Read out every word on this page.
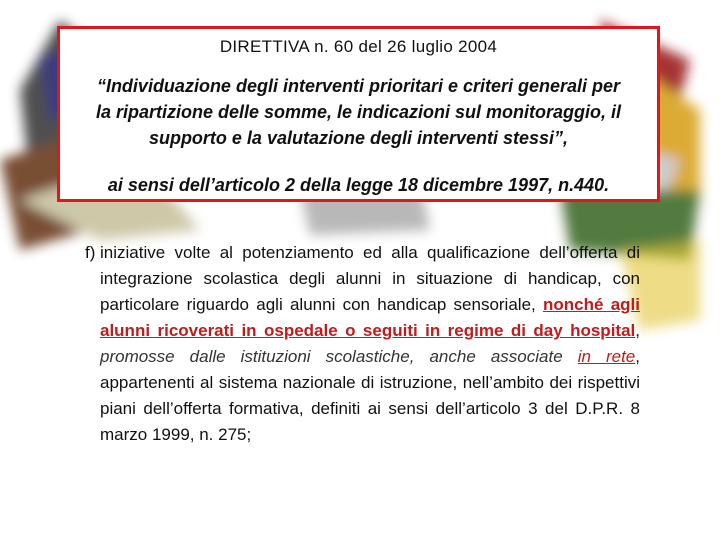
DIRETTIVA n. 60 del 26 luglio 2004
“Individuazione degli interventi prioritari e criteri generali per
la ripartizione delle somme, le indicazioni sul monitoraggio, il
supporto e la valutazione degli interventi stessi”,
ai sensi dell’articolo 2 della legge 18 dicembre 1997, n.440.
f) iniziative volte al potenziamento ed alla qualificazione dell’offerta di integrazione scolastica degli alunni in situazione di handicap, con particolare riguardo agli alunni con handicap sensoriale, nonché agli alunni ricoverati in ospedale o seguiti in regime di day hospital, promosse dalle istituzioni scolastiche, anche associate in rete, appartenenti al sistema nazionale di istruzione, nell’ambito dei rispettivi piani dell’offerta formativa, definiti ai sensi dell’articolo 3 del D.P.R. 8 marzo 1999, n. 275;
